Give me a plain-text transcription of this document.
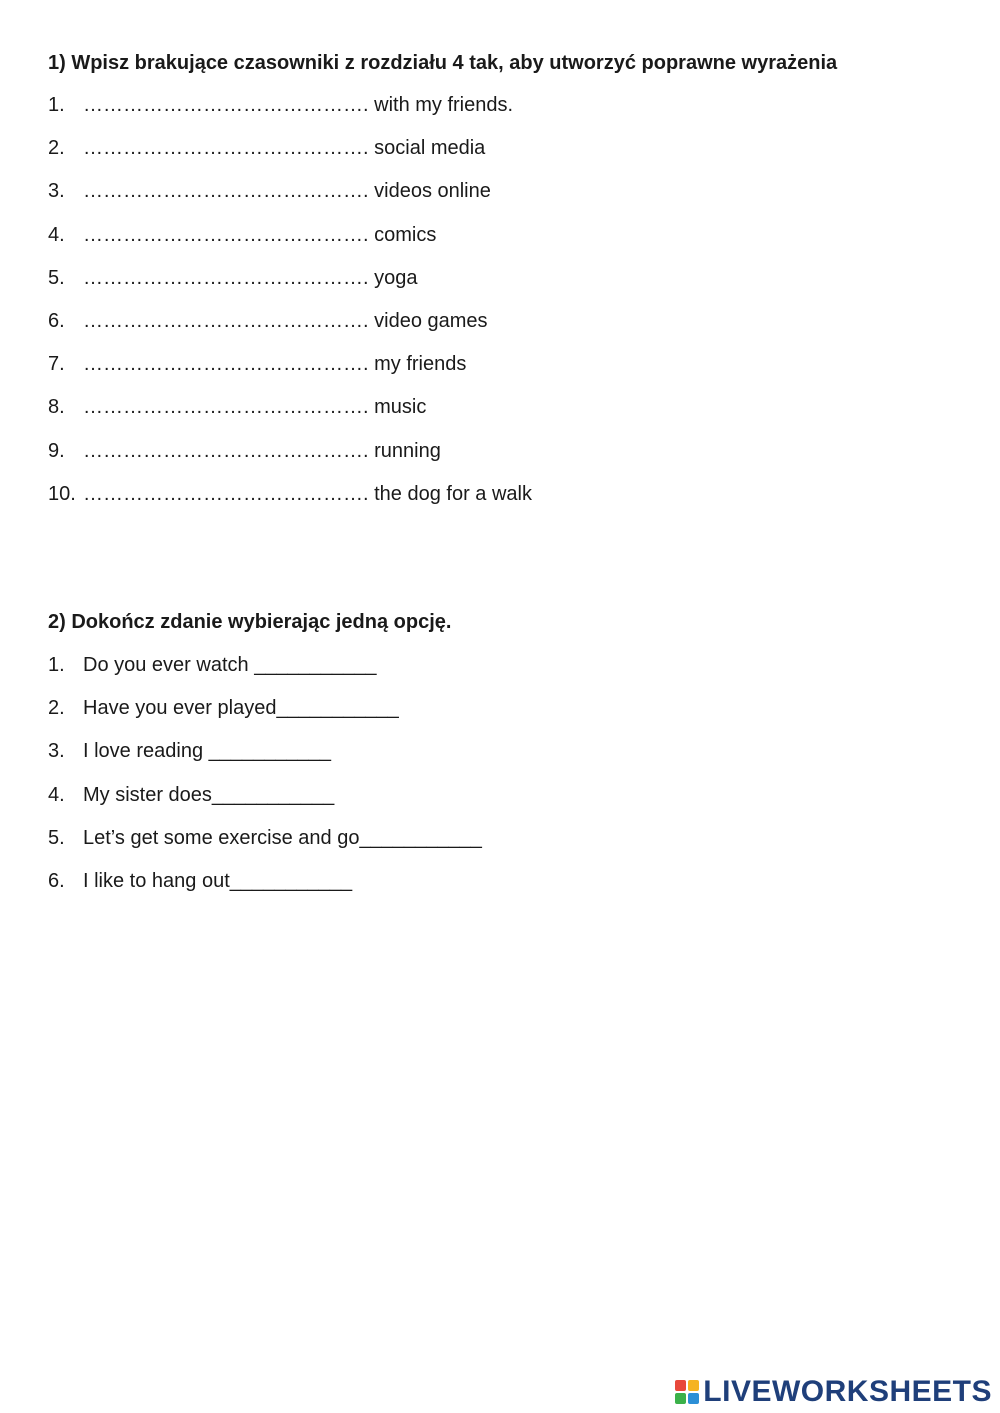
1) Wpisz brakujące czasowniki z rozdziału 4 tak, aby utworzyć poprawne wyrażenia
1. …………………………………….
with my friends.
2. …………………………………….
social media
3. …………………………………….
videos online
4. …………………………………….
comics
5. …………………………………….
yoga
6. …………………………………….
video games
7. …………………………………….
my friends
8. …………………………………….
music
9. …………………………………….
running
10. …………………………………….
the dog for a walk
2) Dokończ zdanie wybierając jedną opcję.
1. Do you ever watch ___________
2. Have you ever played___________
3. I love reading ___________
4. My sister does___________
5. Let’s get some exercise and go___________
6. I like to hang out___________
LIVEWORKSHEETS
